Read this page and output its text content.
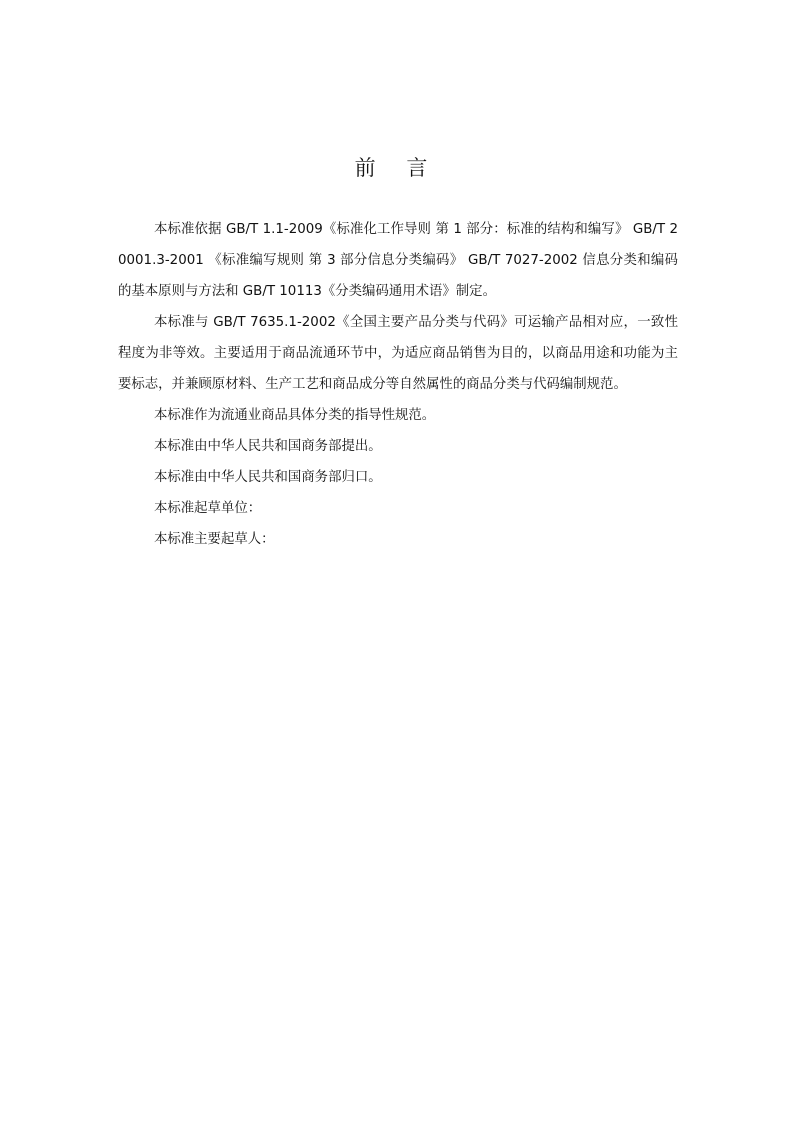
前 言

本标准依据 GB/T 1.1-2009《标准化工作导则 第 1 部分：标准的结构和编写》 GB/T 20001.3-2001 《标准编写规则 第 3 部分信息分类编码》 GB/T 7027-2002 信息分类和编码的基本原则与方法和 GB/T 10113《分类编码通用术语》制定。

本标准与 GB/T 7635.1-2002《全国主要产品分类与代码》可运输产品相对应，一致性程度为非等效。主要适用于商品流通环节中，为适应商品销售为目的，以商品用途和功能为主要标志，并兼顾原材料、生产工艺和商品成分等自然属性的商品分类与代码编制规范。

本标准作为流通业商品具体分类的指导性规范。

本标准由中华人民共和国商务部提出。

本标准由中华人民共和国商务部归口。

本标准起草单位：

本标准主要起草人：
